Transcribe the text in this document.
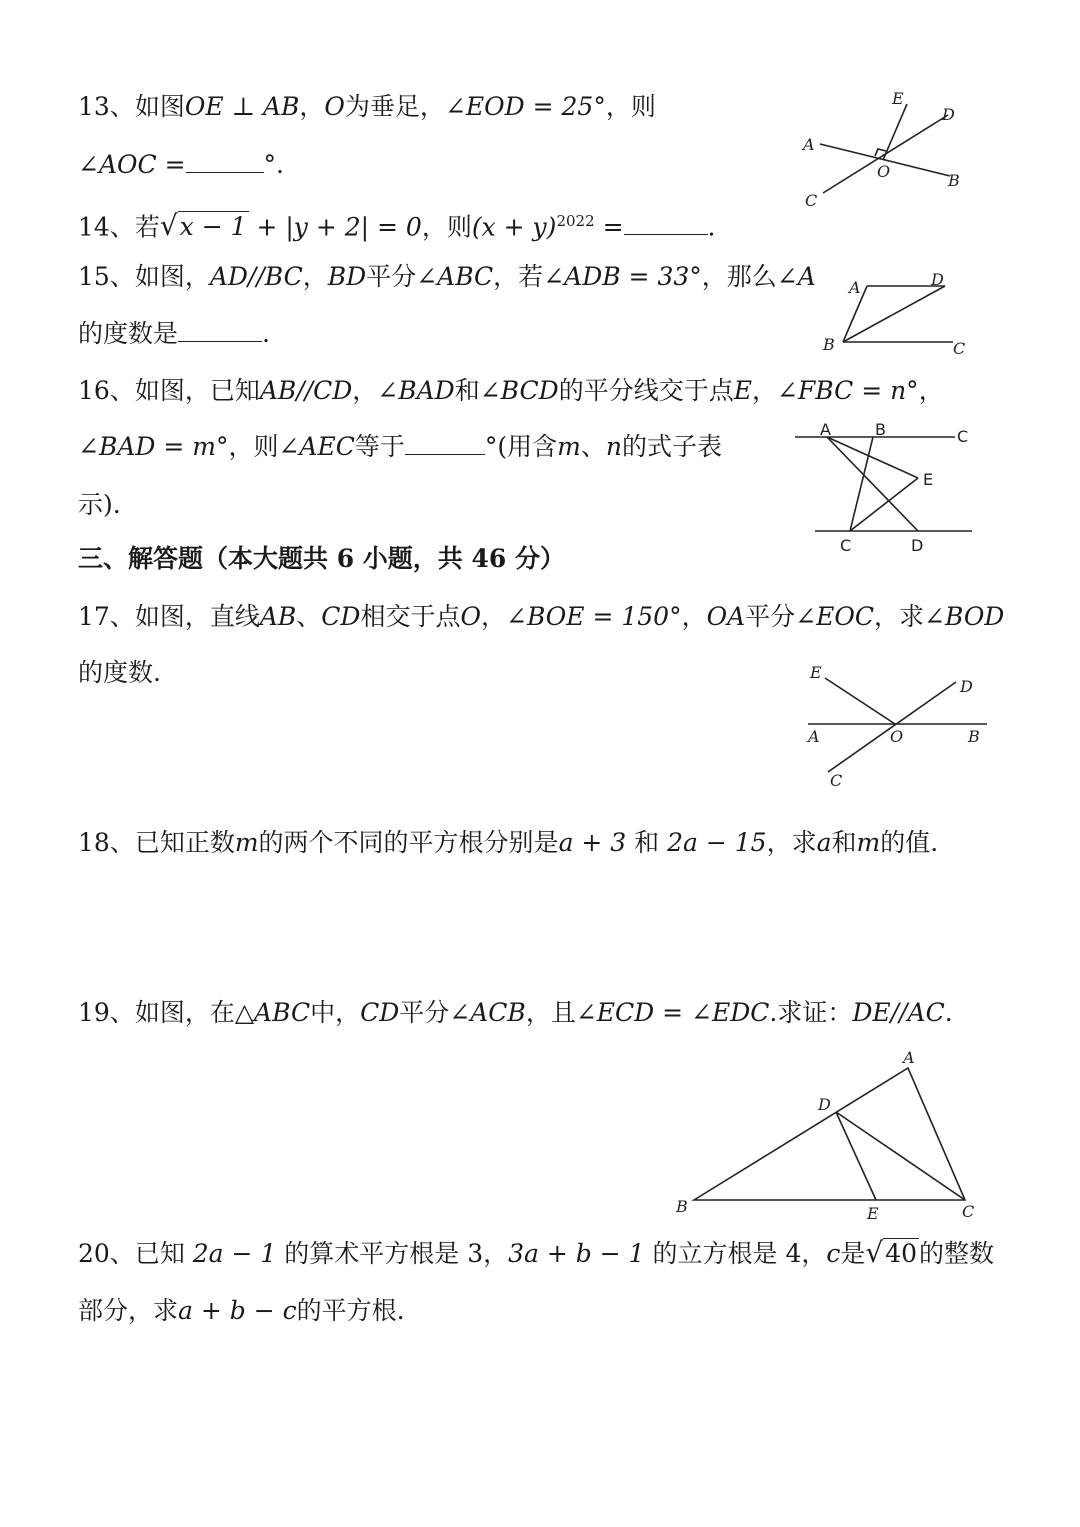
13、如图OE ⊥ AB，O为垂足，∠EOD = 25°，则
∠AOC =	°.
E
D
A
O	B
C
14、若√x − 1 + |y + 2| = 0，则$(x + y)^{2022}$ =	.
15、如图，AD//BC，BD平分∠ABC，若∠ADB = 33°，那么∠A
的度数是	.
A	D
B	C
16、如图，已知AB//CD，∠BAD和∠BCD的平分线交于点E，∠FBC = n°，
∠BAD = m°，则∠AEC等于	°(用含m、n的式子表
示).
A	B	C
E
C	D
三、解答题（本大题共 6 小题，共 46 分）
17、如图，直线AB、CD相交于点O，∠BOE = 150°，OA平分∠EOC，求∠BOD
的度数.	E
D
A	O	B
C
18、已知正数m的两个不同的平方根分别是a + 3 和 2a − 15，求a和m的值.
19、如图，在△ABC中，CD平分∠ACB，且∠ECD = ∠EDC.求证：DE//AC.
A
D
B	E	C
20、已知 2a − 1 的算术平方根是 3，3a + b − 1 的立方根是 4，c是√40的整数
部分，求a + b − c的平方根.
